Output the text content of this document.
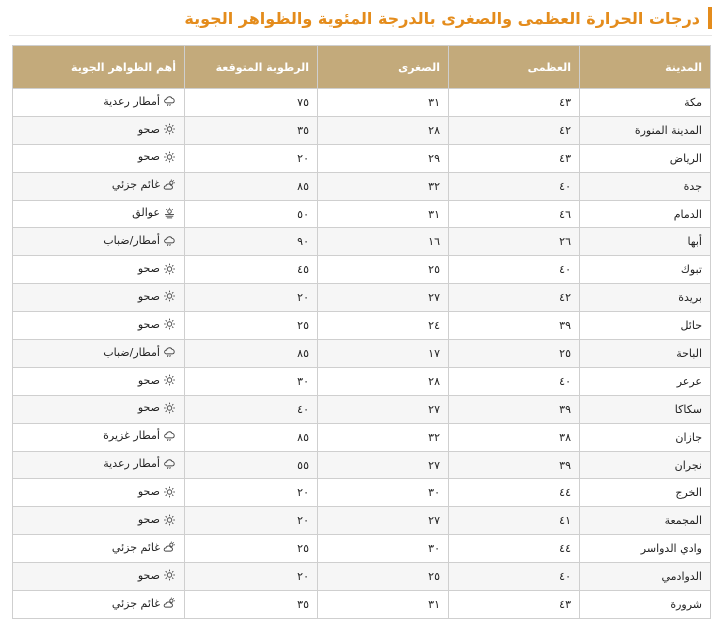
درجات الحرارة العظمى والصغرى بالدرجة المئوية والظواهر الجوية
المدينة	العظمى	الصغرى	الرطوبة المتوقعة	أهم الظواهر الجوية
مكة	٤٣	٣١	٧٥	أمطار رعدية

المدينة المنورة	٤٢	٢٨	٣٥	صحو

الرياض	٤٣	٢٩	٢٠	صحو

جدة	٤٠	٣٢	٨٥	غائم جزئي

الدمام	٤٦	٣١	٥٠	عوالق

أبها	٢٦	١٦	٩٠	أمطار/ضباب

تبوك	٤٠	٢٥	٤٥	صحو

بريدة	٤٢	٢٧	٢٠	صحو

حائل	٣٩	٢٤	٢٥	صحو

الباحة	٢٥	١٧	٨٥	أمطار/ضباب

عرعر	٤٠	٢٨	٣٠	صحو

سكاكا	٣٩	٢٧	٤٠	صحو

جازان	٣٨	٣٢	٨٥	أمطار غزيرة

نجران	٣٩	٢٧	٥٥	أمطار رعدية

الخرج	٤٤	٣٠	٢٠	صحو

المجمعة	٤١	٢٧	٢٠	صحو

وادي الدواسر	٤٤	٣٠	٢٥	غائم جزئي

الدوادمي	٤٠	٢٥	٢٠	صحو

شرورة	٤٣	٣١	٣٥	غائم جزئي
